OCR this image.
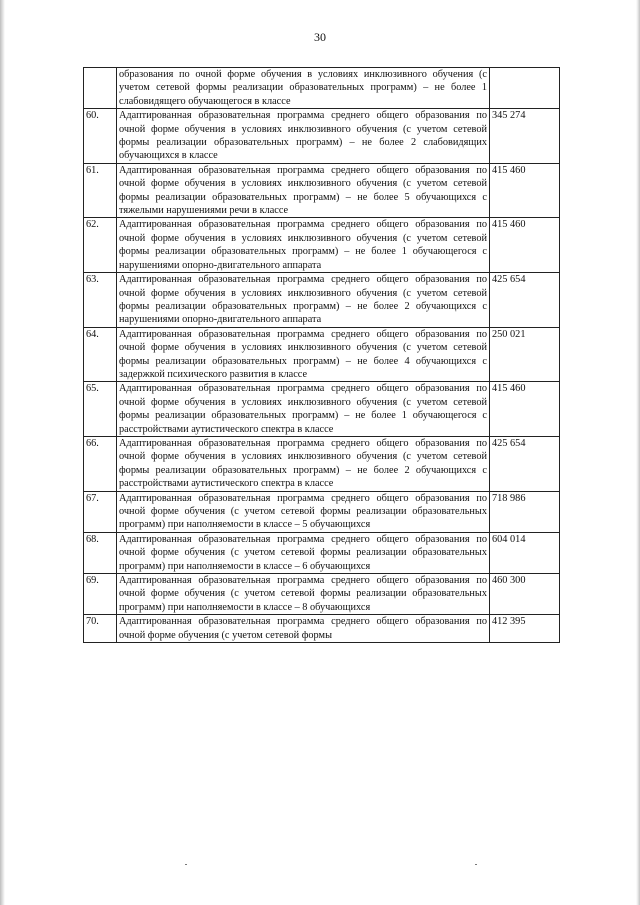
30

	образования по очной форме обучения в условиях инклюзивного обучения (с учетом сетевой формы реализации образовательных программ) – не более 1 слабовидящего обучающегося в классе	

60.	Адаптированная образовательная программа среднего общего образования по очной форме обучения в условиях инклюзивного обучения (с учетом сетевой формы реализации образовательных программ) – не более 2 слабовидящих обучающихся в классе	345 274
61.	Адаптированная образовательная программа среднего общего образования по очной форме обучения в условиях инклюзивного обучения (с учетом сетевой формы реализации образовательных программ) – не более 5 обучающихся с тяжелыми нарушениями речи в классе	415 460
62.	Адаптированная образовательная программа среднего общего образования по очной форме обучения в условиях инклюзивного обучения (с учетом сетевой формы реализации образовательных программ) – не более 1 обучающегося с нарушениями опорно-двигательного аппарата	415 460
63.	Адаптированная образовательная программа среднего общего образования по очной форме обучения в условиях инклюзивного обучения (с учетом сетевой формы реализации образовательных программ) – не более 2 обучающихся с нарушениями опорно-двигательного аппарата	425 654
64.	Адаптированная образовательная программа среднего общего образования по очной форме обучения в условиях инклюзивного обучения (с учетом сетевой формы реализации образовательных программ) – не более 4 обучающихся с задержкой психического развития в классе	250 021
65.	Адаптированная образовательная программа среднего общего образования по очной форме обучения в условиях инклюзивного обучения (с учетом сетевой формы реализации образовательных программ) – не более 1 обучающегося с расстройствами аутистического спектра в классе	415 460
66.	Адаптированная образовательная программа среднего общего образования по очной форме обучения в условиях инклюзивного обучения (с учетом сетевой формы реализации образовательных программ) – не более 2 обучающихся с расстройствами аутистического спектра в классе	425 654
67.	Адаптированная образовательная программа среднего общего образования по очной форме обучения (с учетом сетевой формы реализации образовательных программ) при наполняемости в классе – 5 обучающихся	718 986
68.	Адаптированная образовательная программа среднего общего образования по очной форме обучения (с учетом сетевой формы реализации образовательных программ) при наполняемости в классе – 6 обучающихся	604 014
69.	Адаптированная образовательная программа среднего общего образования по очной форме обучения (с учетом сетевой формы реализации образовательных программ) при наполняемости в классе – 8 обучающихся	460 300
70.	Адаптированная образовательная программа среднего общего образования по очной форме обучения (с учетом сетевой формы	412 395
